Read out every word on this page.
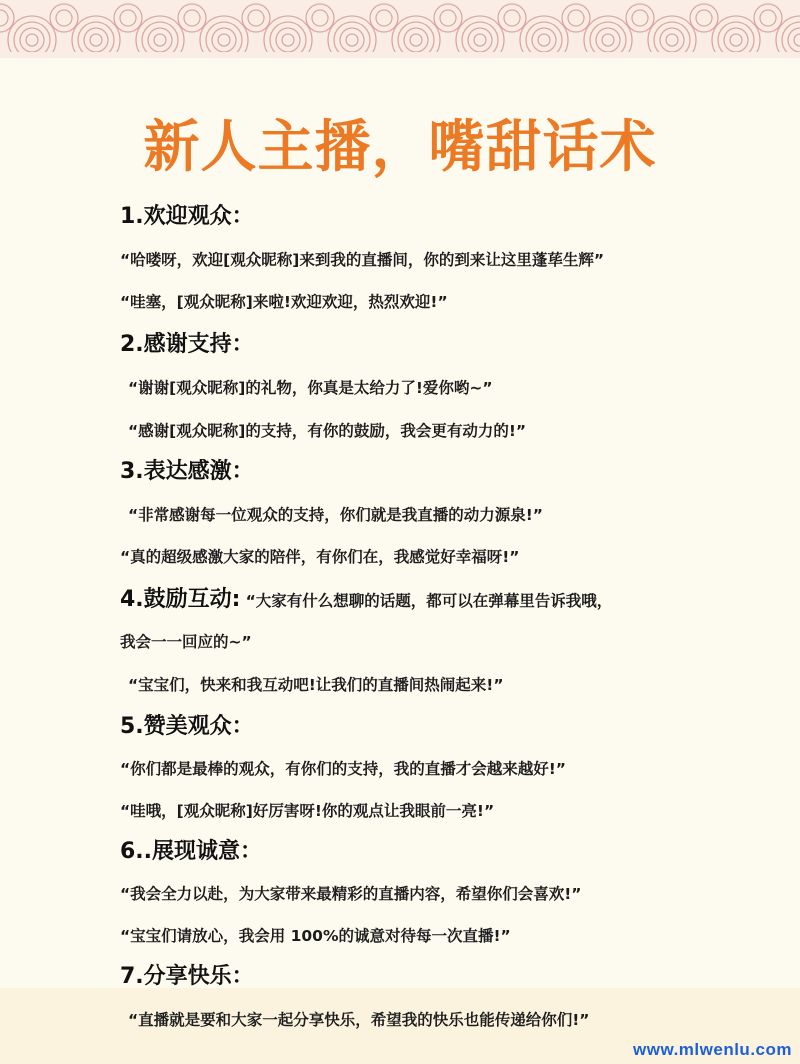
新人主播，嘴甜话术
1.欢迎观众：
“哈喽呀，欢迎[观众昵称]来到我的直播间，你的到来让这里蓬荜生辉”
“哇塞，[观众昵称]来啦!欢迎欢迎，热烈欢迎!”
2.感谢支持：
“谢谢[观众昵称]的礼物，你真是太给力了!爱你哟~”
“感谢[观众昵称]的支持，有你的鼓励，我会更有动力的!”
3.表达感激：
“非常感谢每一位观众的支持，你们就是我直播的动力源泉!”
“真的超级感激大家的陪伴，有你们在，我感觉好幸福呀!”
4.鼓励互动: “大家有什么想聊的话题，都可以在弹幕里告诉我哦，
我会一一回应的~”
“宝宝们，快来和我互动吧!让我们的直播间热闹起来!”
5.赞美观众：
“你们都是最棒的观众，有你们的支持，我的直播才会越来越好!”
“哇哦，[观众昵称]好厉害呀!你的观点让我眼前一亮!”
6..展现诚意：
“我会全力以赴，为大家带来最精彩的直播内容，希望你们会喜欢!”
“宝宝们请放心，我会用 100%的诚意对待每一次直播!”
7.分享快乐：
“直播就是要和大家一起分享快乐，希望我的快乐也能传递给你们!”
www.mlwenlu.com
